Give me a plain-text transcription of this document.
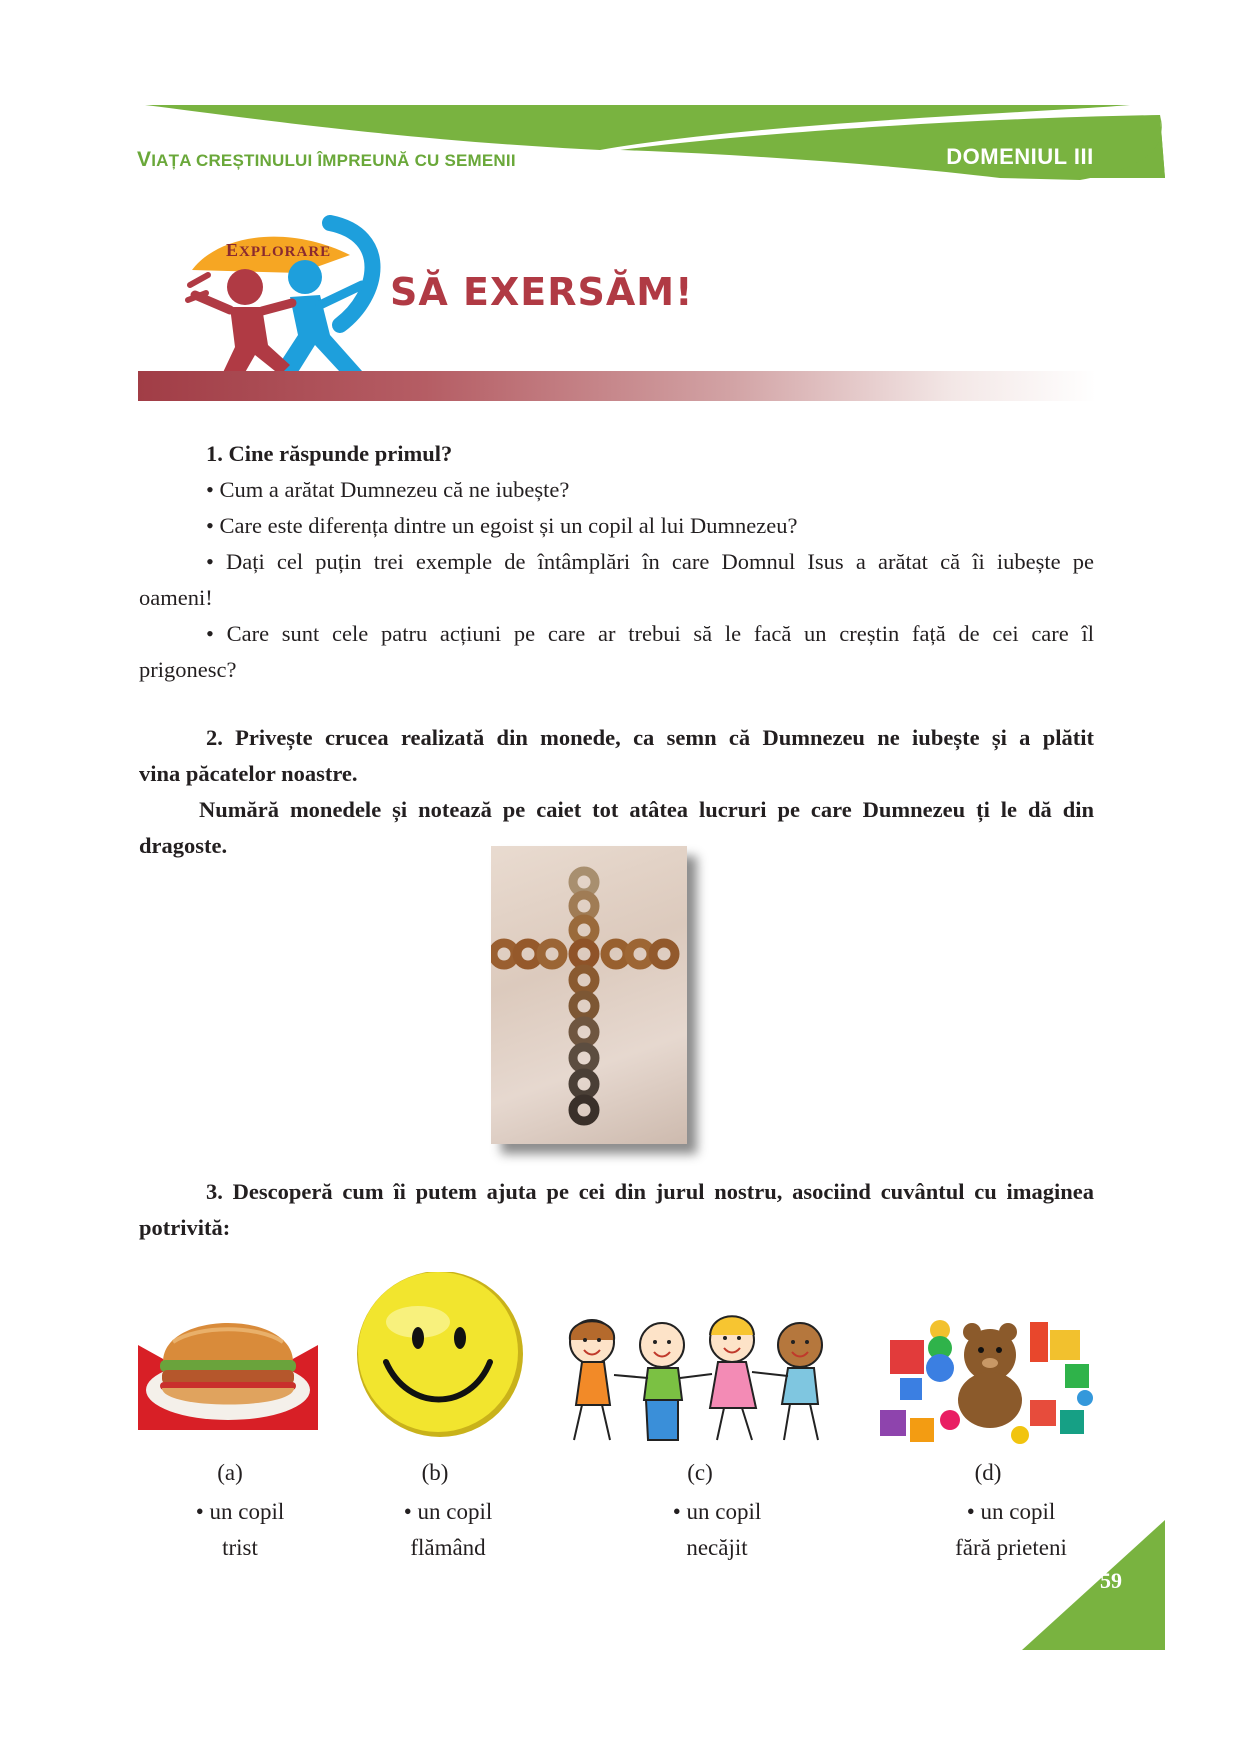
VIAȚA CREȘTINULUI ÎMPREUNĂ CU SEMENII	DOMENIUL III
EXPLORARE
SĂ EXERSĂM!
1. Cine răspunde primul?
• Cum a arătat Dumnezeu că ne iubește?
• Care este diferența dintre un egoist și un copil al lui Dumnezeu?
• Dați cel puțin trei exemple de întâmplări în care Domnul Isus a arătat că îi iubește pe
oameni!
• Care sunt cele patru acțiuni pe care ar trebui să le facă un creștin față de cei care îl
prigonesc?
2. Privește crucea realizată din monede, ca semn că Dumnezeu ne iubește și a plătit
vina păcatelor noastre.
Numără monedele și notează pe caiet tot atâtea lucruri pe care Dumnezeu ți le dă din
dragoste.
3. Descoperă cum îi putem ajuta pe cei din jurul nostru, asociind cuvântul cu imaginea
potrivită:
(a)	(b)	(c)	(d)
• un copil
trist
• un copil
flămând
• un copil
necăjit
• un copil
fără prieteni
59
